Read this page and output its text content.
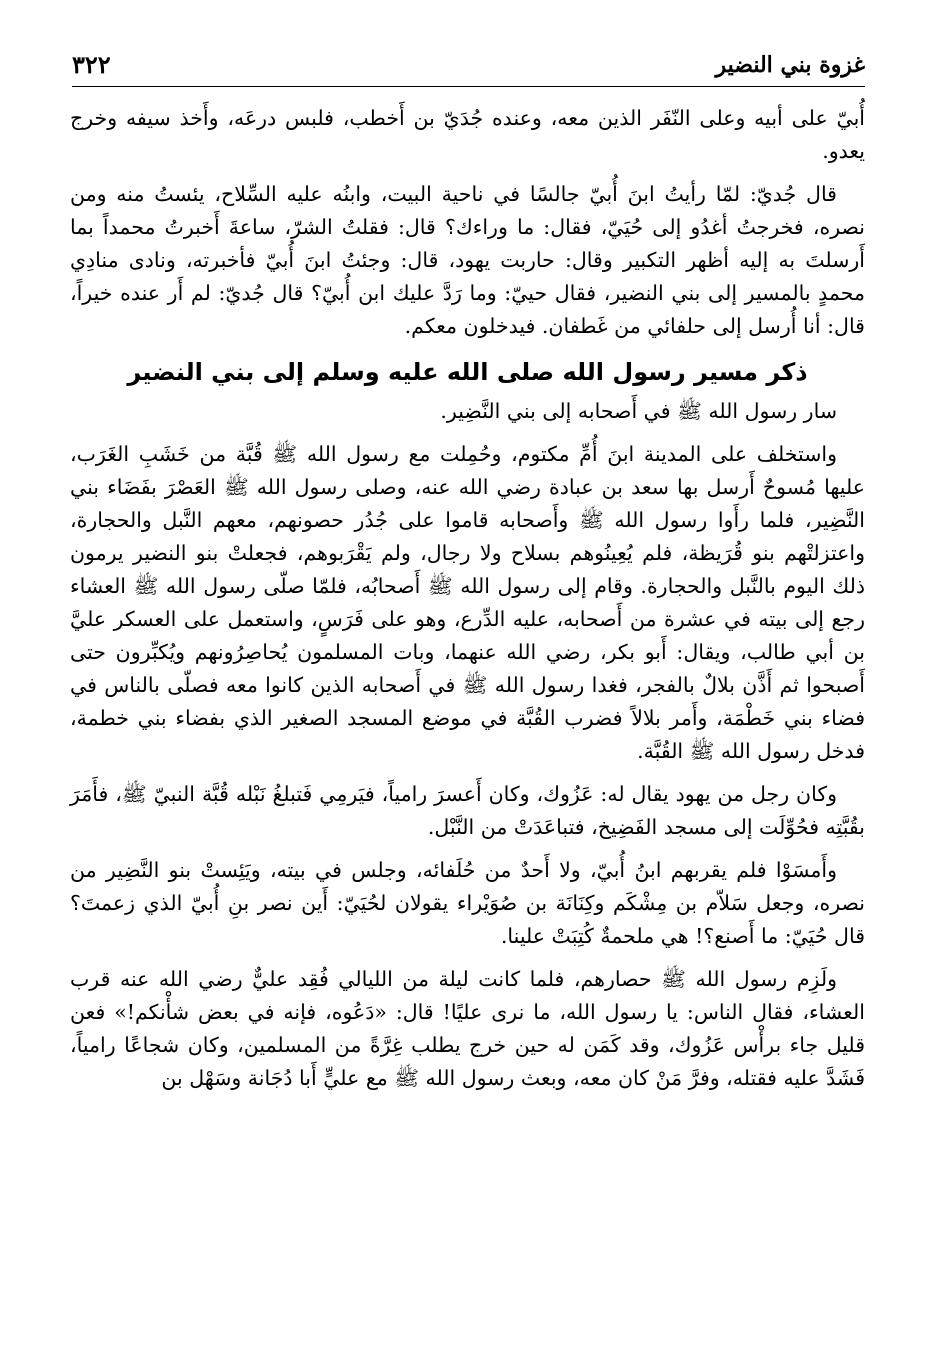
٣٢٢	غزوة بني النضير

أُبيّ على أبيه وعلى النّفَر الذين معه، وعنده جُدَيّ بن أَخطب، فلبس درعَه، وأَخذ سيفه وخرج يعدو.

قال جُديّ: لمّا رأيتُ ابنَ أُبيّ جالسًا في ناحية البيت، وابنُه عليه السِّلاح، يئستُ منه ومن نصره، فخرجتُ أغدُو إلى حُيَيّ، فقال: ما وراءك؟ قال: فقلتُ الشرّ، ساعةَ أَخبرتُ محمداً بما أَرسلتَ به إليه أظهر التكبير وقال: حاربت يهود، قال: وجئتُ ابنَ أُبيّ فأخبرته، ونادى منادِي محمدٍ بالمسير إلى بني النضير، فقال حييّ: وما رَدَّ عليك ابن أُبيّ؟ قال جُديّ: لم أَر عنده خيراً، قال: أنا أُرسل إلى حلفائي من غَطفان. فيدخلون معكم.

ذكر مسير رسول الله صلى الله عليه وسلم إلى بني النضير

سار رسول الله ﷺ في أَصحابه إلى بني النَّضِير.

واستخلف على المدينة ابنَ أُمِّ مكتوم، وحُمِلت مع رسول الله ﷺ قُبَّة من خَشَبِ الغَرَب، عليها مُسوحٌ أَرسل بها سعد بن عبادة رضي الله عنه، وصلى رسول الله ﷺ العَصْرَ بفَضَاء بني النَّضِير، فلما رأَوا رسول الله ﷺ وأَصحابه قاموا على جُدُر حصونهم، معهم النَّبل والحجارة، واعتزلتْهم بنو قُرَيظة، فلم يُعِينُوهم بسلاح ولا رجال، ولم يَقْرَبوهم، فجعلتْ بنو النضير يرمون ذلك اليوم بالنَّبل والحجارة. وقام إلى رسول الله ﷺ أَصحابُه، فلمّا صلّى رسول الله ﷺ العشاء رجع إلى بيته في عشرة من أَصحابه، عليه الدِّرع، وهو على فَرَسٍ، واستعمل على العسكر عليَّ بن أبي طالب، ويقال: أَبو بكر، رضي الله عنهما، وبات المسلمون يُحاصِرُونهم ويُكبِّرون حتى أَصبحوا ثم أَذَّن بلالٌ بالفجر، فغدا رسول الله ﷺ في أَصحابه الذين كانوا معه فصلّى بالناس في فضاء بني خَطْمَة، وأَمر بلالاً فضرب القُبَّة في موضع المسجد الصغير الذي بفضاء بني خطمة، فدخل رسول الله ﷺ القُبَّة.

وكان رجل من يهود يقال له: عَزُوك، وكان أَعسرَ رامياً، فيَرمِي فَتبلغُ نَبْله قُبَّة النبيّ ﷺ، فأَمَرَ بقُبَّتِه فحُوِّلَت إلى مسجد الفَضِيخ، فتباعَدَتْ من النَّبْل.

وأَمسَوْا فلم يقربهم ابنُ أُبيّ، ولا أَحدٌ من حُلَفائه، وجلس في بيته، ويَئِستْ بنو النَّضِير من نصره، وجعل سَلاّم بن مِشْكَم وكِنَانَة بن صُوَيْراء يقولان لحُيَيّ: أَين نصر بنِ أُبيّ الذي زعمتَ؟ قال حُيَيّ: ما أَصنع؟! هي ملحمةٌ كُتِبَتْ علينا.

ولَزِم رسول الله ﷺ حصارهم، فلما كانت ليلة من الليالي فُقِد عليٌّ رضي الله عنه قرب العشاء، فقال الناس: يا رسول الله، ما نرى عليًا! قال: «دَعُوه، فإنه في بعض شأْنكم!» فعن قليل جاء برأْس عَزُوك، وقد كَمَن له حين خرج يطلب غِرَّةً من المسلمين، وكان شجاعًا رامياً، فَشَدَّ عليه فقتله، وفرَّ مَنْ كان معه، وبعث رسول الله ﷺ مع عليٍّ أَبا دُجَانة وسَهْل بن
